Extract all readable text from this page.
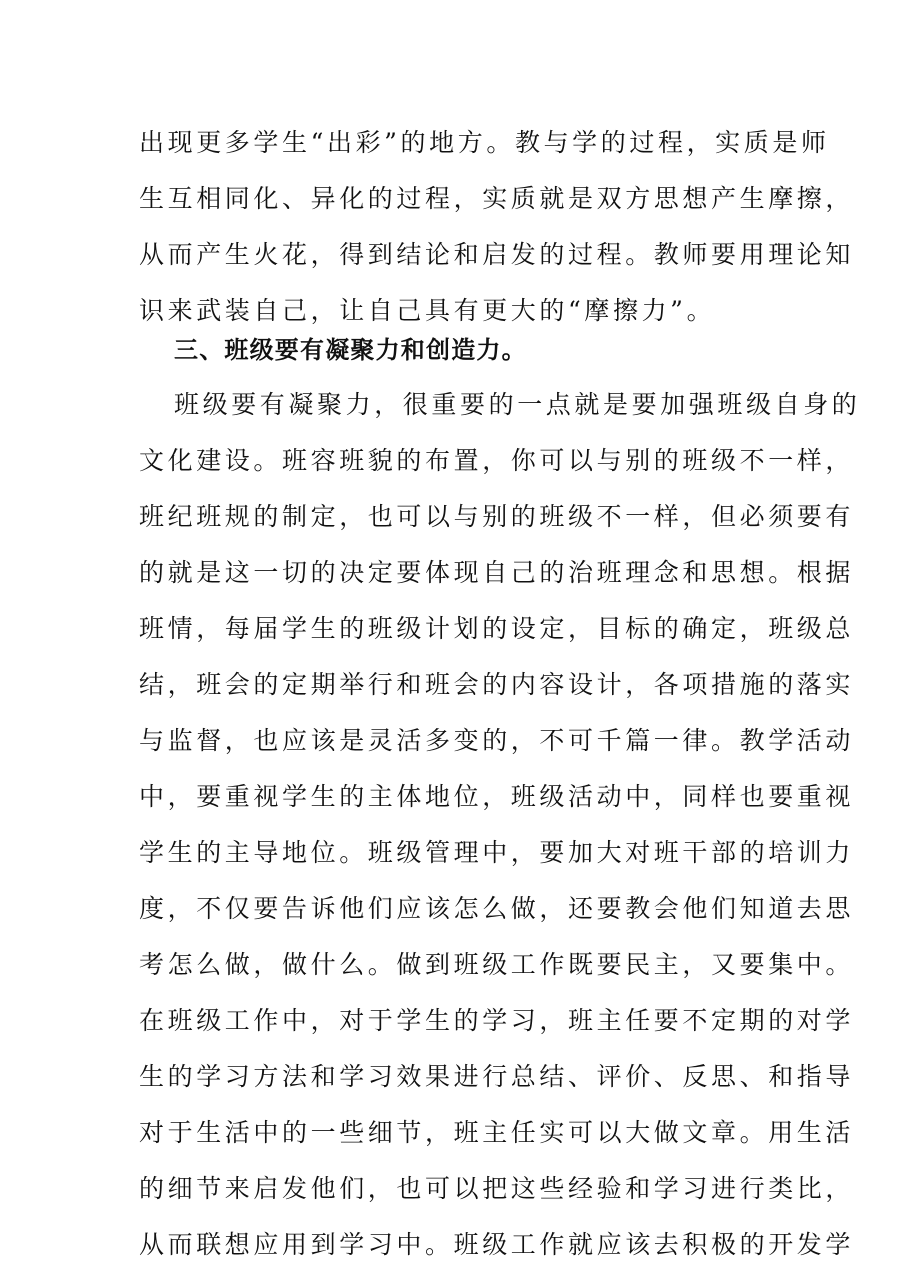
出现更多学生“出彩”的地方。教与学的过程，实质是师
生互相同化、异化的过程，实质就是双方思想产生摩擦，
从而产生火花，得到结论和启发的过程。教师要用理论知
识来武装自己，让自己具有更大的“摩擦力”。
三、班级要有凝聚力和创造力。
班级要有凝聚力，很重要的一点就是要加强班级自身的
文化建设。班容班貌的布置，你可以与别的班级不一样，
班纪班规的制定，也可以与别的班级不一样，但必须要有
的就是这一切的决定要体现自己的治班理念和思想。根据
班情，每届学生的班级计划的设定，目标的确定，班级总
结，班会的定期举行和班会的内容设计，各项措施的落实
与监督，也应该是灵活多变的，不可千篇一律。教学活动
中，要重视学生的主体地位，班级活动中，同样也要重视
学生的主导地位。班级管理中，要加大对班干部的培训力
度，不仅要告诉他们应该怎么做，还要教会他们知道去思
考怎么做，做什么。做到班级工作既要民主，又要集中。
在班级工作中，对于学生的学习，班主任要不定期的对学
生的学习方法和学习效果进行总结、评价、反思、和指导
对于生活中的一些细节，班主任实可以大做文章。用生活
的细节来启发他们，也可以把这些经验和学习进行类比，
从而联想应用到学习中。班级工作就应该去积极的开发学
